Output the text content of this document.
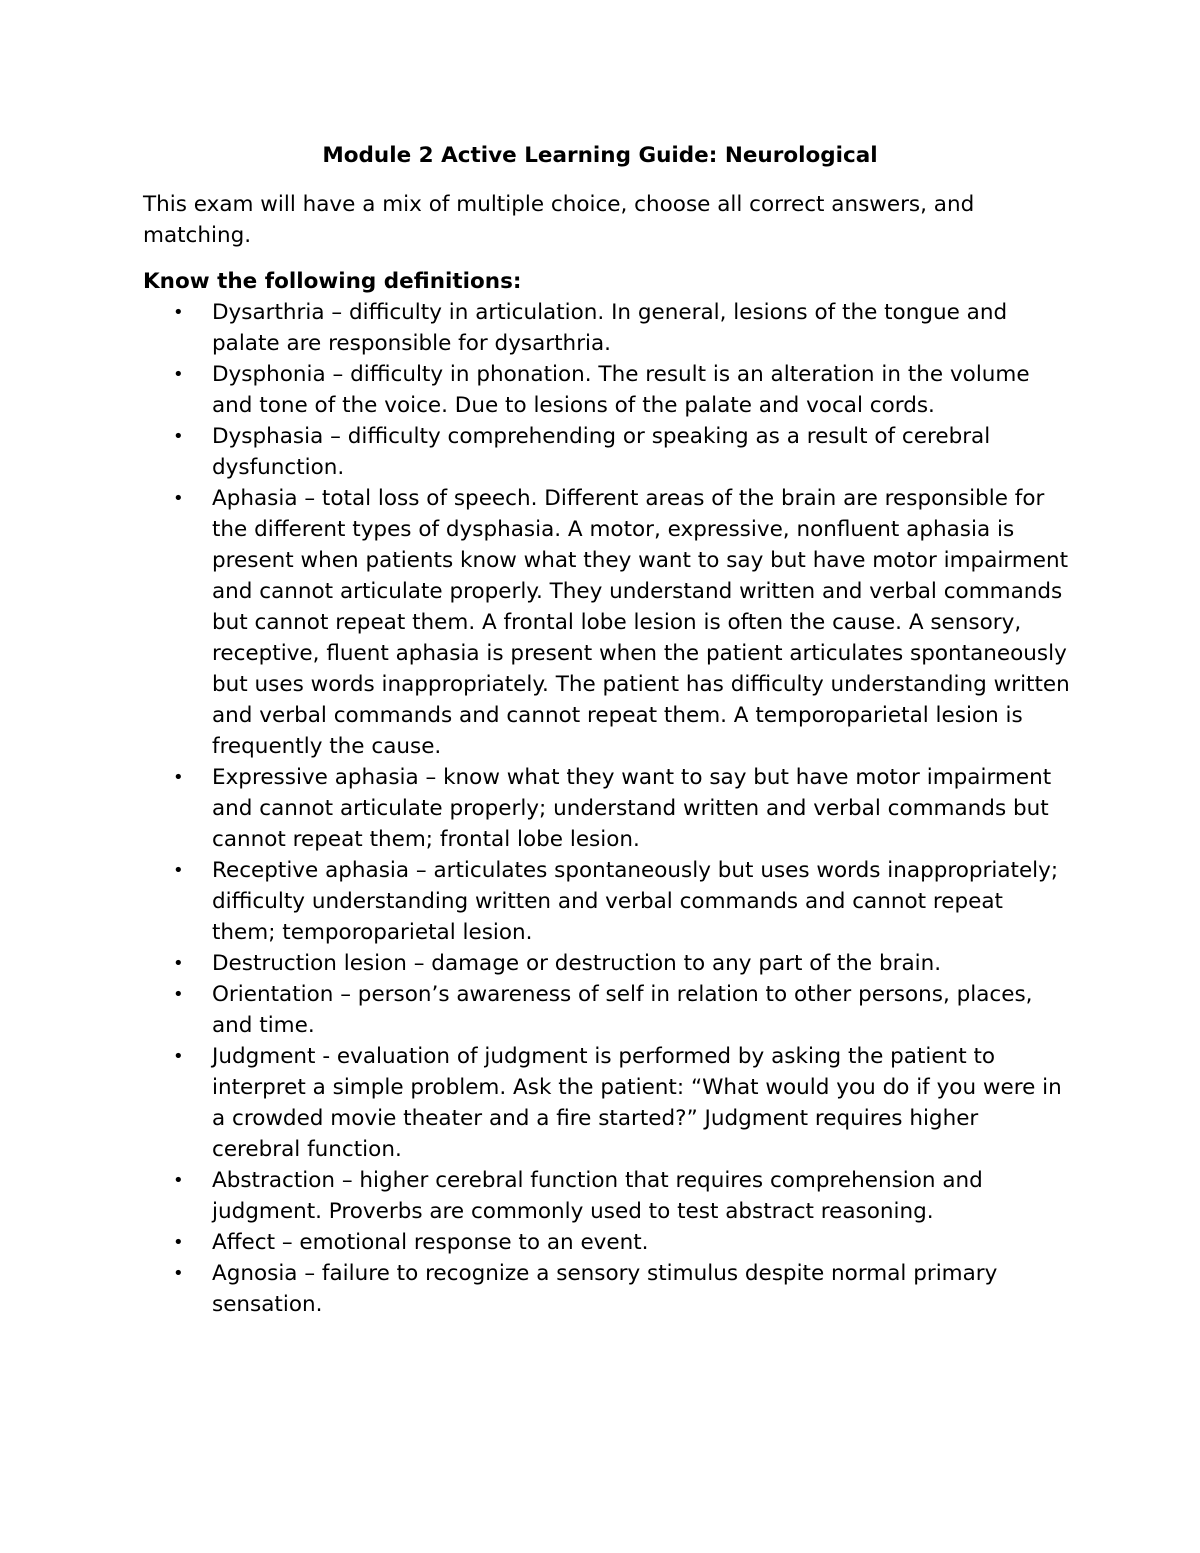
Module 2 Active Learning Guide: Neurological
This exam will have a mix of multiple choice, choose all correct answers, and matching.
Know the following definitions:
• Dysarthria – difficulty in articulation. In general, lesions of the tongue and palate are responsible for dysarthria.
• Dysphonia – difficulty in phonation. The result is an alteration in the volume and tone of the voice. Due to lesions of the palate and vocal cords.
• Dysphasia – difficulty comprehending or speaking as a result of cerebral dysfunction.
• Aphasia – total loss of speech. Different areas of the brain are responsible for the different types of dysphasia. A motor, expressive, nonfluent aphasia is present when patients know what they want to say but have motor impairment and cannot articulate properly. They understand written and verbal commands but cannot repeat them. A frontal lobe lesion is often the cause. A sensory, receptive, fluent aphasia is present when the patient articulates spontaneously but uses words inappropriately. The patient has difficulty understanding written and verbal commands and cannot repeat them. A temporoparietal lesion is frequently the cause.
• Expressive aphasia – know what they want to say but have motor impairment and cannot articulate properly; understand written and verbal commands but cannot repeat them; frontal lobe lesion.
• Receptive aphasia – articulates spontaneously but uses words inappropriately; difficulty understanding written and verbal commands and cannot repeat them; temporoparietal lesion.
• Destruction lesion – damage or destruction to any part of the brain.
• Orientation – person’s awareness of self in relation to other persons, places, and time.
• Judgment - evaluation of judgment is performed by asking the patient to interpret a simple problem. Ask the patient: “What would you do if you were in a crowded movie theater and a fire started?” Judgment requires higher cerebral function.
• Abstraction – higher cerebral function that requires comprehension and judgment. Proverbs are commonly used to test abstract reasoning.
• Affect – emotional response to an event.
• Agnosia – failure to recognize a sensory stimulus despite normal primary sensation.
